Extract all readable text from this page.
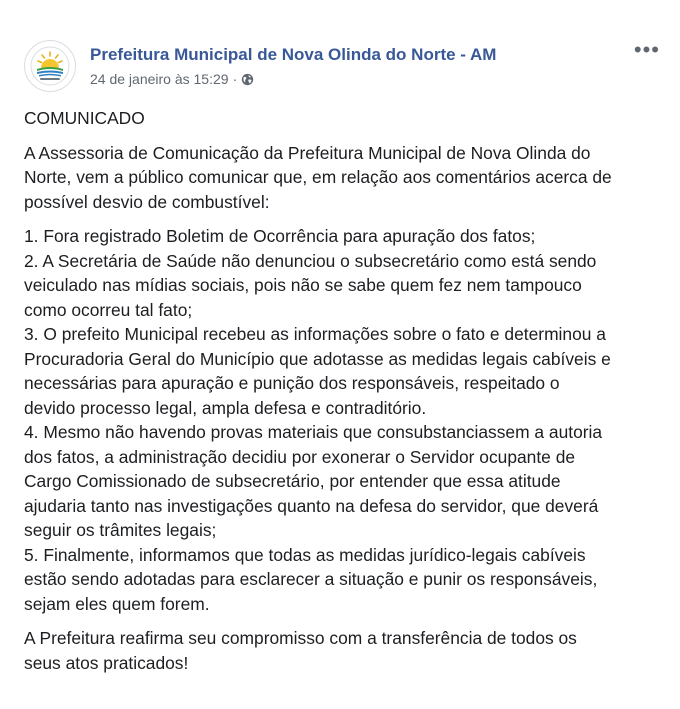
Prefeitura Municipal de Nova Olinda do Norte - AM
24 de janeiro às 15:29 ·
•••

COMUNICADO

A Assessoria de Comunicação da Prefeitura Municipal de Nova Olinda do
Norte, vem a público comunicar que, em relação aos comentários acerca de
possível desvio de combustível:

1. Fora registrado Boletim de Ocorrência para apuração dos fatos;
2. A Secretária de Saúde não denunciou o subsecretário como está sendo
veiculado nas mídias sociais, pois não se sabe quem fez nem tampouco
como ocorreu tal fato;
3. O prefeito Municipal recebeu as informações sobre o fato e determinou a
Procuradoria Geral do Município que adotasse as medidas legais cabíveis e
necessárias para apuração e punição dos responsáveis, respeitado o
devido processo legal, ampla defesa e contraditório.
4. Mesmo não havendo provas materiais que consubstanciassem a autoria
dos fatos, a administração decidiu por exonerar o Servidor ocupante de
Cargo Comissionado de subsecretário, por entender que essa atitude
ajudaria tanto nas investigações quanto na defesa do servidor, que deverá
seguir os trâmites legais;
5. Finalmente, informamos que todas as medidas jurídico-legais cabíveis
estão sendo adotadas para esclarecer a situação e punir os responsáveis,
sejam eles quem forem.

A Prefeitura reafirma seu compromisso com a transferência de todos os
seus atos praticados!
